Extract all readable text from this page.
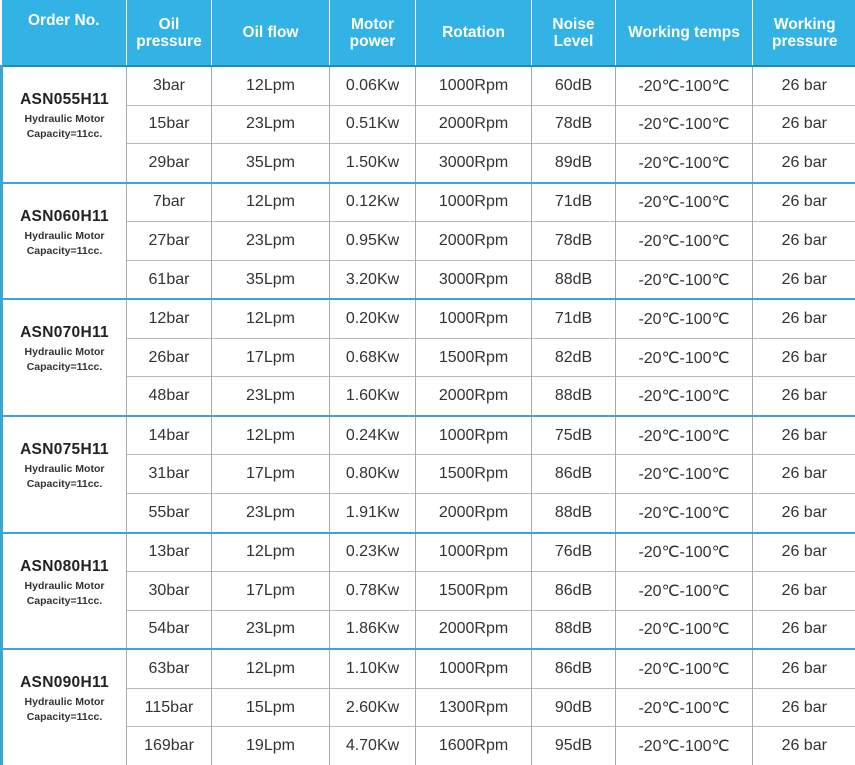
Order No.	Oil pressure	Oil flow	Motor power	Rotation	Noise Level	Working temps	Working pressure

ASN055H11
Hydraulic Motor
Capacity=11cc.	3bar	12Lpm	0.06Kw	1000Rpm	60dB	-20℃-100℃	26 bar
	15bar	23Lpm	0.51Kw	2000Rpm	78dB	-20℃-100℃	26 bar
	29bar	35Lpm	1.50Kw	3000Rpm	89dB	-20℃-100℃	26 bar

ASN060H11
Hydraulic Motor
Capacity=11cc.	7bar	12Lpm	0.12Kw	1000Rpm	71dB	-20℃-100℃	26 bar
	27bar	23Lpm	0.95Kw	2000Rpm	78dB	-20℃-100℃	26 bar
	61bar	35Lpm	3.20Kw	3000Rpm	88dB	-20℃-100℃	26 bar

ASN070H11
Hydraulic Motor
Capacity=11cc.	12bar	12Lpm	0.20Kw	1000Rpm	71dB	-20℃-100℃	26 bar
	26bar	17Lpm	0.68Kw	1500Rpm	82dB	-20℃-100℃	26 bar
	48bar	23Lpm	1.60Kw	2000Rpm	88dB	-20℃-100℃	26 bar

ASN075H11
Hydraulic Motor
Capacity=11cc.	14bar	12Lpm	0.24Kw	1000Rpm	75dB	-20℃-100℃	26 bar
	31bar	17Lpm	0.80Kw	1500Rpm	86dB	-20℃-100℃	26 bar
	55bar	23Lpm	1.91Kw	2000Rpm	88dB	-20℃-100℃	26 bar

ASN080H11
Hydraulic Motor
Capacity=11cc.	13bar	12Lpm	0.23Kw	1000Rpm	76dB	-20℃-100℃	26 bar
	30bar	17Lpm	0.78Kw	1500Rpm	86dB	-20℃-100℃	26 bar
	54bar	23Lpm	1.86Kw	2000Rpm	88dB	-20℃-100℃	26 bar

ASN090H11
Hydraulic Motor
Capacity=11cc.	63bar	12Lpm	1.10Kw	1000Rpm	86dB	-20℃-100℃	26 bar
	115bar	15Lpm	2.60Kw	1300Rpm	90dB	-20℃-100℃	26 bar
	169bar	19Lpm	4.70Kw	1600Rpm	95dB	-20℃-100℃	26 bar
